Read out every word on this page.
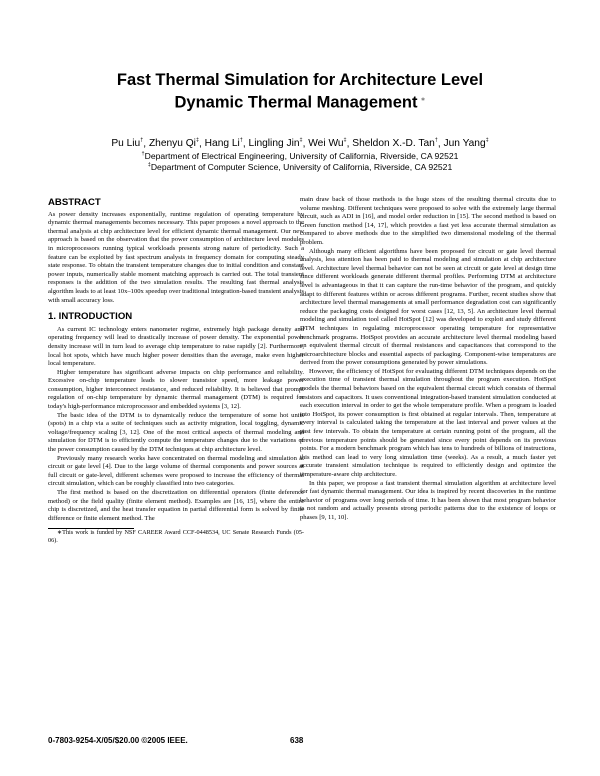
Fast Thermal Simulation for Architecture Level
Dynamic Thermal Management ∗
Pu Liu†, Zhenyu Qi‡, Hang Li†, Lingling Jin‡, Wei Wu‡, Sheldon X.-D. Tan†, Jun Yang‡
†Department of Electrical Engineering, University of California, Riverside, CA 92521
‡Department of Computer Science, University of California, Riverside, CA 92521
ABSTRACT

As power density increases exponentially, runtime regulation of operating temperature by dynamic thermal managements becomes necessary. This paper proposes a novel approach to the thermal analysis at chip architecture level for efficient dynamic thermal management. Our new approach is based on the observation that the power consumption of architecture level modules in microprocessors running typical workloads presents strong nature of periodicity. Such a feature can be exploited by fast spectrum analysis in frequency domain for computing steady state response. To obtain the transient temperature changes due to initial condition and constant power inputs, numerically stable moment matching approach is carried out. The total transient responses is the addition of the two simulation results. The resulting fast thermal analysis algorithm leads to at least 10x–100x speedup over traditional integration-based transient analysis with small accuracy loss.

1. INTRODUCTION

As current IC technology enters nanometer regime, extremely high package density and operating frequency will lead to drastically increase of power density. The exponential power density increase will in turn lead to average chip temperature to raise rapidly [2]. Furthermore, local hot spots, which have much higher power densities than the average, make even higher local temperature.

Higher temperature has significant adverse impacts on chip performance and reliability. Excessive on-chip temperature leads to slower transistor speed, more leakage power consumption, higher interconnect resistance, and reduced reliability. It is believed that prompt regulation of on-chip temperature by dynamic thermal management (DTM) is required for today's high-performance microprocessor and embedded systems [3, 12].

The basic idea of the DTM is to dynamically reduce the temperature of some hot units (spots) in a chip via a suite of techniques such as activity migration, local toggling, dynamic voltage/frequency scaling [3, 12]. One of the most critical aspects of thermal modeling and simulation for DTM is to efficiently compute the temperature changes due to the variations of the power consumption caused by the DTM techniques at chip architecture level.

Previously many research works have concentrated on thermal modeling and simulation at circuit or gate level [4]. Due to the large volume of thermal components and power sources at full circuit or gate-level, different schemes were proposed to increase the efficiency of thermal circuit simulation, which can be roughly classified into two categories.

The first method is based on the discretization on differential operators (finite deference method) or the field quality (finite element method). Examples are [16, 15], where the entire chip is discretized, and the heat transfer equation in partial differential form is solved by finite difference or finite element method. The

∗This work is funded by NSF CAREER Award CCF-0448534, UC Senate Research Funds (05-06).

main draw back of those methods is the huge sizes of the resulting thermal circuits due to volume meshing. Different techniques were proposed to solve with the extremely large thermal circuit, such as ADI in [16], and model order reduction in [15]. The second method is based on Green function method [14, 17], which provides a fast yet less accurate thermal simulation as compared to above methods due to the simplified two dimensional modeling of the thermal problem.

Although many efficient algorithms have been proposed for circuit or gate level thermal analysis, less attention has been paid to thermal modeling and simulation at chip architecture level. Architecture level thermal behavior can not be seen at circuit or gate level at design time since different workloads generate different thermal profiles. Performing DTM at architecture level is advantageous in that it can capture the run-time behavior of the program, and quickly adapt to different features within or across different programs. Further, recent studies show that architecture level thermal managements at small performance degradation cost can significantly reduce the packaging costs designed for worst cases [12, 13, 5]. An architecture level thermal modeling and simulation tool called HotSpot [12] was developed to exploit and study different DTM techniques in regulating microprocessor operating temperature for representative benchmark programs. HotSpot provides an accurate architecture level thermal modeling based on equivalent thermal circuit of thermal resistances and capacitances that correspond to the microarchitecture blocks and essential aspects of packaging. Component-wise temperatures are derived from the power consumptions generated by power simulations.

However, the efficiency of HotSpot for evaluating different DTM techniques depends on the execution time of transient thermal simulation throughout the program execution. HotSpot models the thermal behaviors based on the equivalent thermal circuit which consists of thermal resistors and capacitors. It uses conventional integration-based transient simulation conducted at each execution interval in order to get the whole temperature profile. When a program is loaded into HotSpot, its power consumption is first obtained at regular intervals. Then, temperature at every interval is calculated taking the temperature at the last interval and power values at the past few intervals. To obtain the temperature at certain running point of the program, all the previous temperature points should be generated since every point depends on its previous points. For a modern benchmark program which has tens to hundreds of billions of instructions, this method can lead to very long simulation time (weeks). As a result, a much faster yet accurate transient simulation technique is required to efficiently design and optimize the temperature-aware chip architecture.

In this paper, we propose a fast transient thermal simulation algorithm at architecture level for fast dynamic thermal management. Our idea is inspired by recent discoveries in the runtime behavior of programs over long periods of time. It has been shown that most program behavior is not random and actually presents strong periodic patterns due to the existence of loops or phases [9, 11, 10].

0-7803-9254-X/05/$20.00 ©2005 IEEE.	638
